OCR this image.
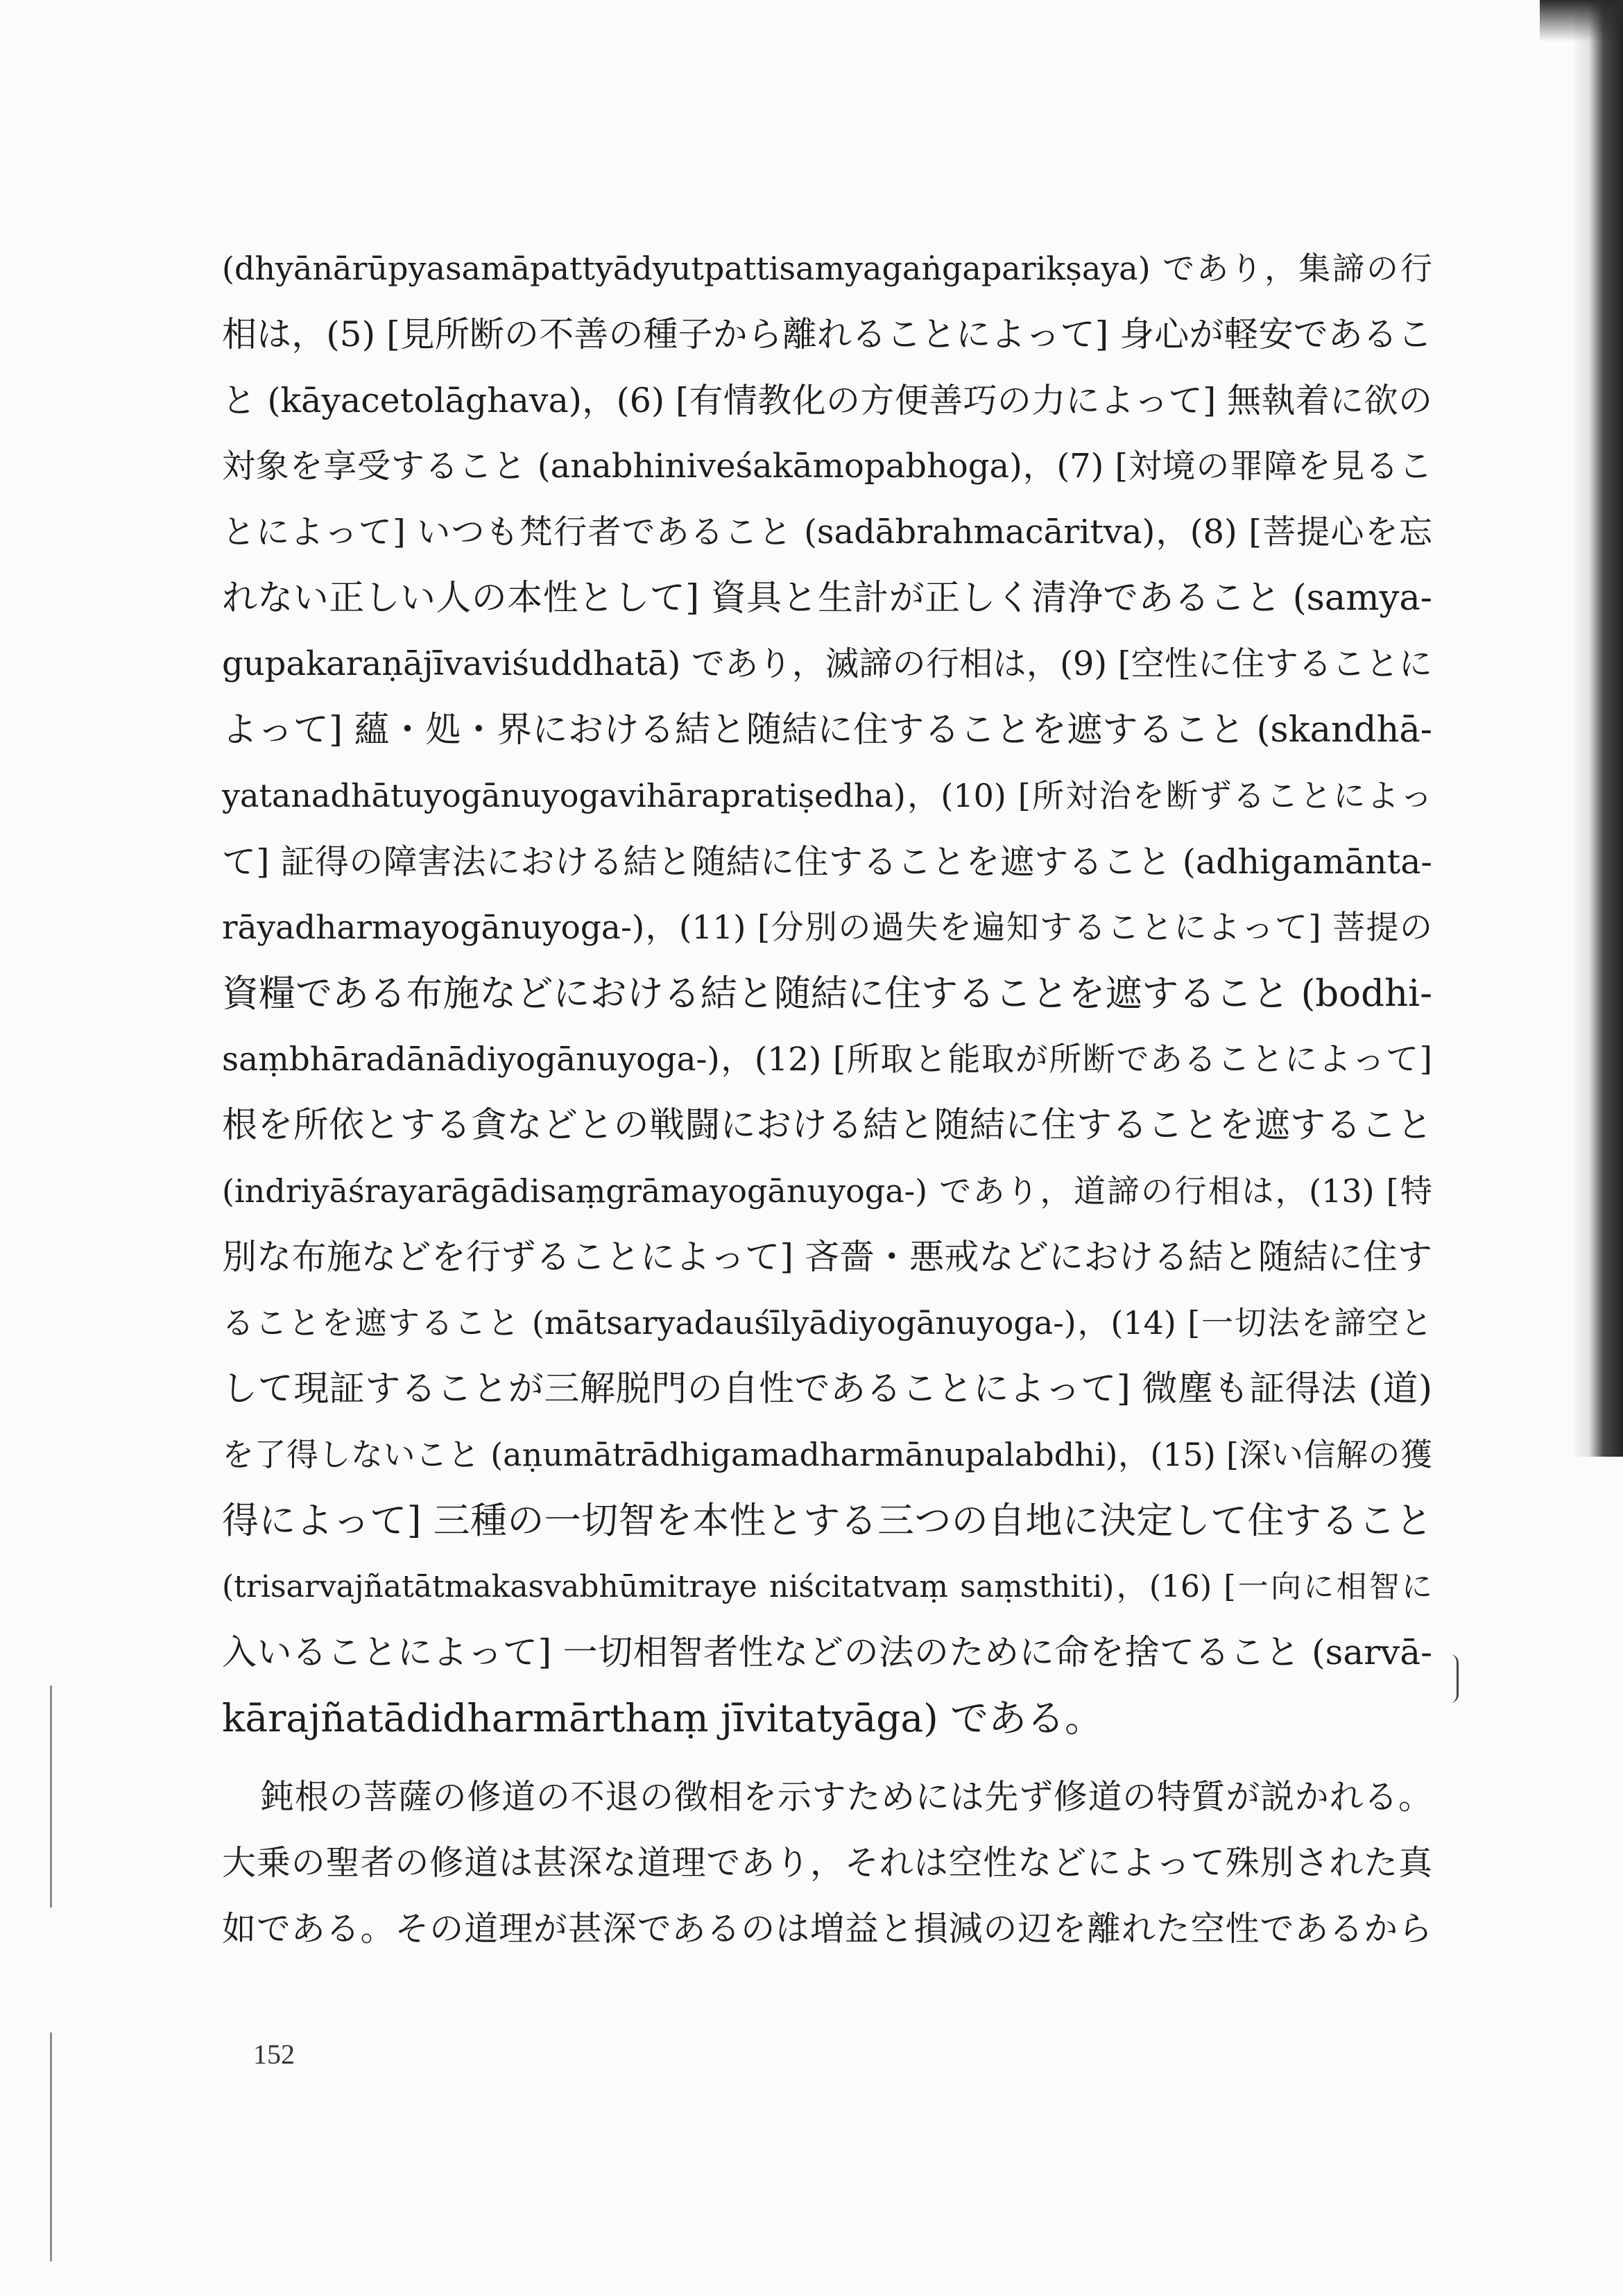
(dhyānārūpyasamāpattyādyutpattisamyagaṅgaparikṣaya) であり，集諦の行
相は，(5) [見所断の不善の種子から離れることによって] 身心が軽安であるこ
と (kāyacetolāghava)，(6) [有情教化の方便善巧の力によって] 無執着に欲の
対象を享受すること (anabhiniveśakāmopabhoga)，(7) [対境の罪障を見るこ
とによって] いつも梵行者であること (sadābrahmacāritva)，(8) [菩提心を忘
れない正しい人の本性として] 資具と生計が正しく清浄であること (samya-
gupakaraṇājīvaviśuddhatā) であり，滅諦の行相は，(9) [空性に住することに
よって] 蘊・処・界における結と随結に住することを遮すること (skandhā-
yatanadhātuyogānuyogavihārapratiṣedha)，(10) [所対治を断ずることによっ
て] 証得の障害法における結と随結に住することを遮すること (adhigamānta-
rāyadharmayogānuyoga-)，(11) [分別の過失を遍知することによって] 菩提の
資糧である布施などにおける結と随結に住することを遮すること (bodhi-
saṃbhāradānādiyogānuyoga-)，(12) [所取と能取が所断であることによって]
根を所依とする貪などとの戦闘における結と随結に住することを遮すること
(indriyāśrayarāgādisaṃgrāmayogānuyoga-) であり，道諦の行相は，(13) [特
別な布施などを行ずることによって] 吝嗇・悪戒などにおける結と随結に住す
ることを遮すること (mātsaryadauśīlyādiyogānuyoga-)，(14) [一切法を諦空と
して現証することが三解脱門の自性であることによって] 微塵も証得法 (道)
を了得しないこと (aṇumātrādhigamadharmānupalabdhi)，(15) [深い信解の獲
得によって] 三種の一切智を本性とする三つの自地に決定して住すること
(trisarvajñatātmakasvabhūmitraye niścitatvaṃ saṃsthiti)，(16) [一向に相智に
入いることによって] 一切相智者性などの法のために命を捨てること (sarvā-
kārajñatādidharmārthaṃ jīvitatyāga) である。
鈍根の菩薩の修道の不退の徴相を示すためには先ず修道の特質が説かれる。
大乗の聖者の修道は甚深な道理であり，それは空性などによって殊別された真
如である。その道理が甚深であるのは増益と損減の辺を離れた空性であるから
152
